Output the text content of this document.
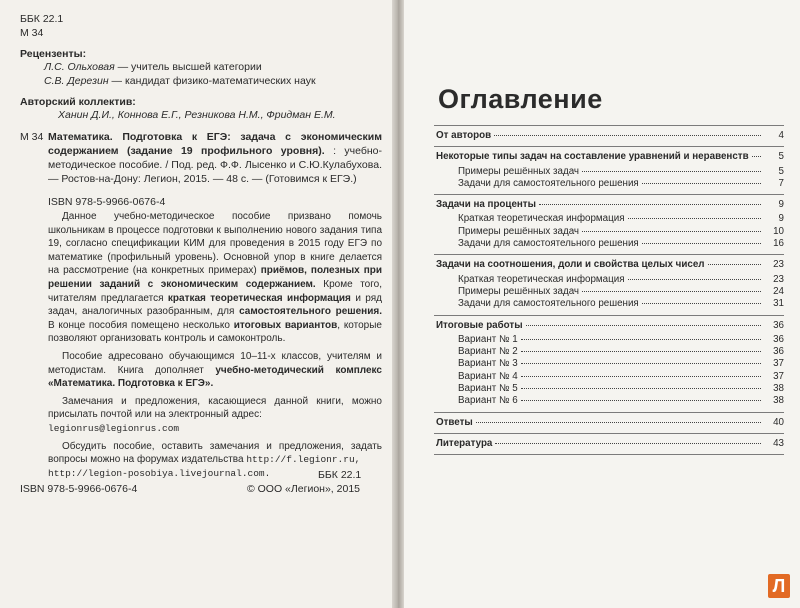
ББК 22.1
М 34
Рецензенты:
Л.С. Ольховая — учитель высшей категории
С.В. Дерезин — кандидат физико-математических наук
Авторский коллектив:
Ханин Д.И., Коннова Е.Г., Резникова Н.М., Фридман Е.М.
М 34 Математика. Подготовка к ЕГЭ: задача с экономическим содержанием (задание 19 профильного уровня). : учебно-методическое пособие. / Под. ред. Ф.Ф. Лысенко и С.Ю.Кулабухова. — Ростов-на-Дону: Легион, 2015. — 48 с. — (Готовимся к ЕГЭ.)
ISBN 978-5-9966-0676-4
Данное учебно-методическое пособие призвано помочь школьникам в процессе подготовки к выполнению нового задания типа 19, согласно спецификации КИМ для проведения в 2015 году ЕГЭ по математике (профильный уровень). Основной упор в книге делается на рассмотрение (на конкретных примерах) приёмов, полезных при решении заданий с экономическим содержанием. Кроме того, читателям предлагается краткая теоретическая информация и ряд задач, аналогичных разобранным, для самостоятельного решения. В конце пособия помещено несколько итоговых вариантов, которые позволяют организовать контроль и самоконтроль.
Пособие адресовано обучающимся 10–11-х классов, учителям и методистам. Книга дополняет учебно-методический комплекс «Математика. Подготовка к ЕГЭ».
Замечания и предложения, касающиеся данной книги, можно присылать почтой или на электронный адрес:
legionrus@legionrus.com
Обсудить пособие, оставить замечания и предложения, задать вопросы можно на форумах издательства http://f.legionr.ru,
http://legion-posobiya.livejournal.com.	ББК 22.1
ISBN 978-5-9966-0676-4	© ООО «Легион», 2015
Оглавление
От авторов	4
Некоторые типы задач на составление уравнений и неравенств	5
Примеры решённых задач	5
Задачи для самостоятельного решения	7
Задачи на проценты	9
Краткая теоретическая информация	9
Примеры решённых задач	10
Задачи для самостоятельного решения	16
Задачи на соотношения, доли и свойства целых чисел	23
Краткая теоретическая информация	23
Примеры решённых задач	24
Задачи для самостоятельного решения	31
Итоговые работы	36
Вариант № 1	36
Вариант № 2	36
Вариант № 3	37
Вариант № 4	37
Вариант № 5	38
Вариант № 6	38
Ответы	40
Литература	43
Л
